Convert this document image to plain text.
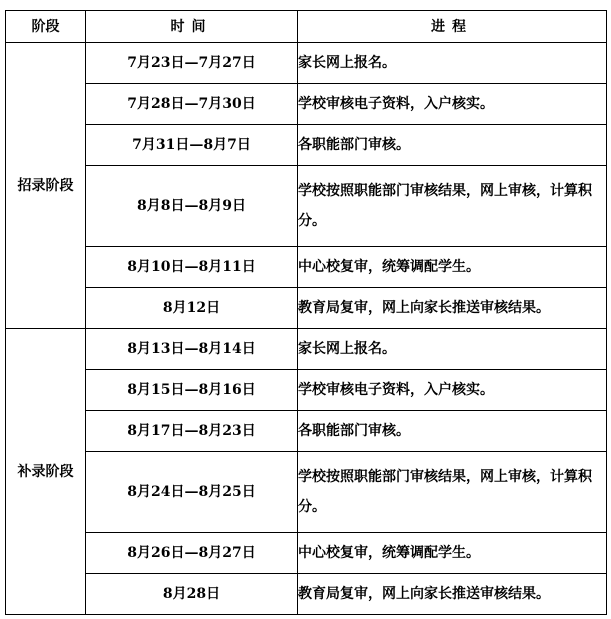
阶段	时间	进程
招录阶段	7月23日—7月27日	家长网上报名。
	7月28日—7月30日	学校审核电子资料，入户核实。
	7月31日—8月7日	各职能部门审核。
	8月8日—8月9日	学校按照职能部门审核结果，网上审核，计算积分。
	8月10日—8月11日	中心校复审，统筹调配学生。
	8月12日	教育局复审，网上向家长推送审核结果。
补录阶段	8月13日—8月14日	家长网上报名。
	8月15日—8月16日	学校审核电子资料，入户核实。
	8月17日—8月23日	各职能部门审核。
	8月24日—8月25日	学校按照职能部门审核结果，网上审核，计算积分。
	8月26日—8月27日	中心校复审，统筹调配学生。
	8月28日	教育局复审，网上向家长推送审核结果。
